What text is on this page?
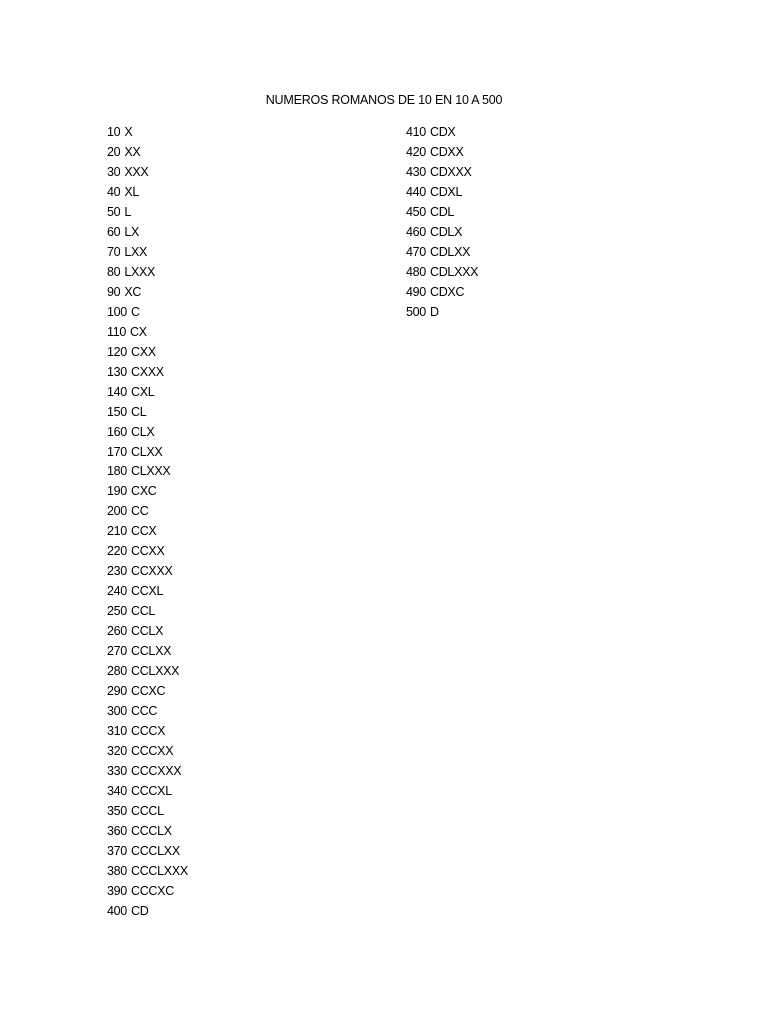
NUMEROS ROMANOS DE 10 EN 10 A 500
10 X
20 XX
30 XXX
40 XL
50 L
60 LX
70 LXX
80 LXXX
90 XC
100 C
110 CX
120 CXX
130 CXXX
140 CXL
150 CL
160 CLX
170 CLXX
180 CLXXX
190 CXC
200 CC
210 CCX
220 CCXX
230 CCXXX
240 CCXL
250 CCL
260 CCLX
270 CCLXX
280 CCLXXX
290 CCXC
300 CCC
310 CCCX
320 CCCXX
330 CCCXXX
340 CCCXL
350 CCCL
360 CCCLX
370 CCCLXX
380 CCCLXXX
390 CCCXC
400 CD
410 CDX
420 CDXX
430 CDXXX
440 CDXL
450 CDL
460 CDLX
470 CDLXX
480 CDLXXX
490 CDXC
500 D
